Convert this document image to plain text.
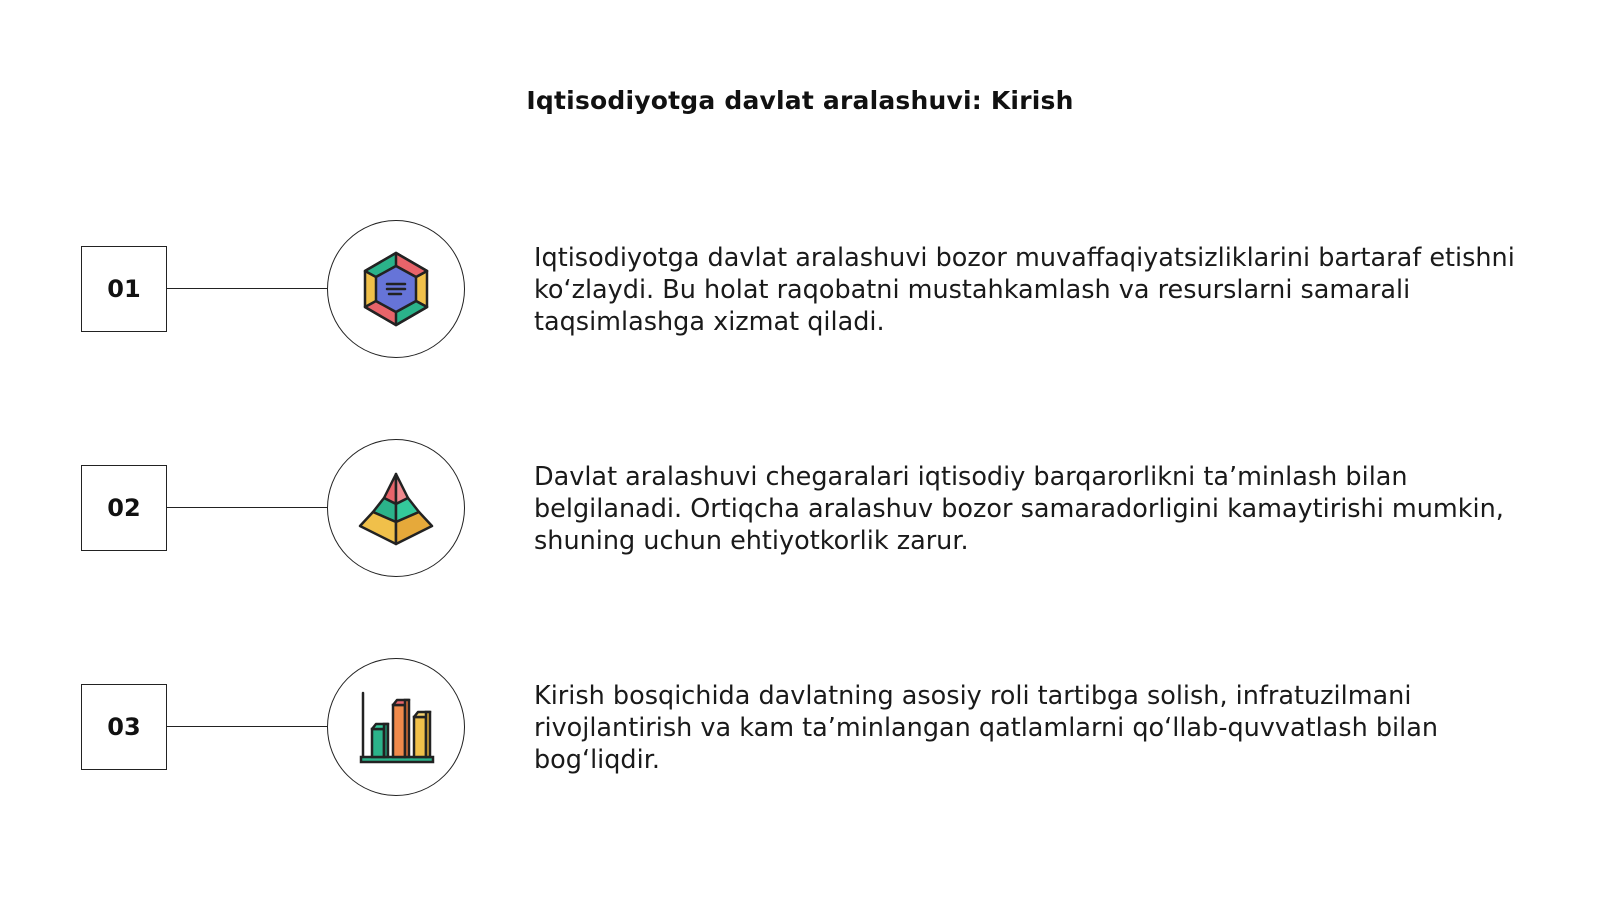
Iqtisodiyotga davlat aralashuvi: Kirish
01
Iqtisodiyotga davlat aralashuvi bozor muvaffaqiyatsizliklarini bartaraf etishni ko‘zlaydi. Bu holat raqobatni mustahkamlash va resurslarni samarali taqsimlashga xizmat qiladi.
02
Davlat aralashuvi chegaralari iqtisodiy barqarorlikni ta’minlash bilan belgilanadi. Ortiqcha aralashuv bozor samaradorligini kamaytirishi mumkin, shuning uchun ehtiyotkorlik zarur.
03
Kirish bosqichida davlatning asosiy roli tartibga solish, infratuzilmani rivojlantirish va kam ta’minlangan qatlamlarni qo‘llab-quvvatlash bilan bog‘liqdir.
